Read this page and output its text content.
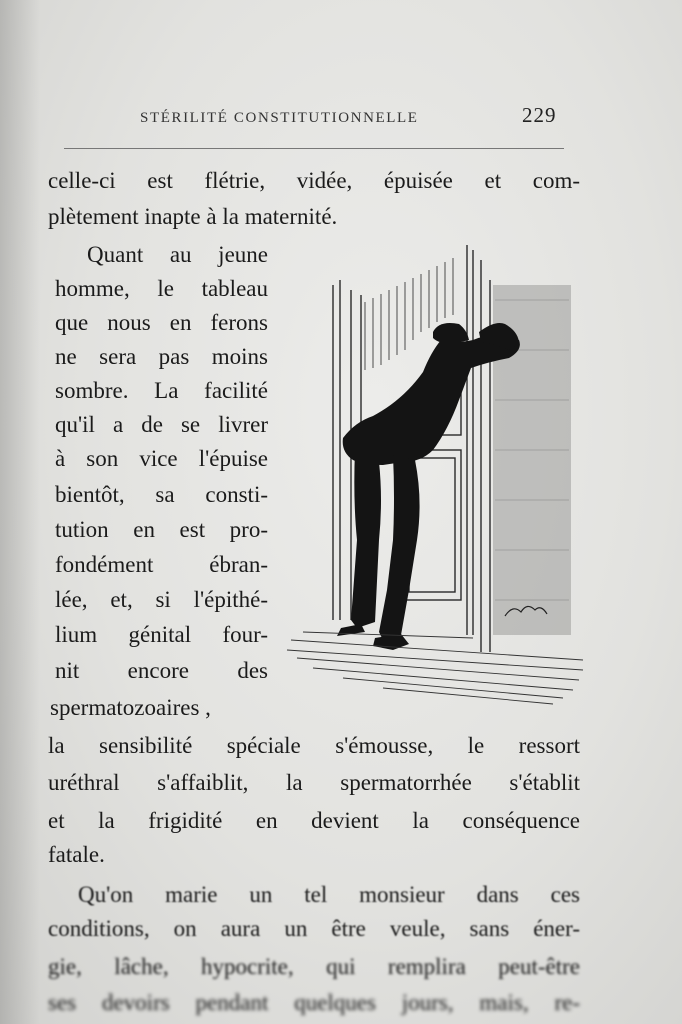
STÉRILITÉ CONSTITUTIONNELLE	229
celle-ci est flétrie, vidée, épuisée et com-
plètement inapte à la maternité.
Quant au jeune
homme, le tableau
que nous en ferons
ne sera pas moins
sombre. La facilité
qu'il a de se livrer
à son vice l'épuise
bientôt, sa consti-
tution en est pro-
fondément ébran-
lée, et, si l'épithé-
lium génital four-
nit encore des
spermatozoaires ,
la sensibilité spéciale s'émousse, le ressort
uréthral s'affaiblit, la spermatorrhée s'établit
et la frigidité en devient la conséquence
fatale.
Qu'on marie un tel monsieur dans ces
conditions, on aura un être veule, sans éner-
gie, lâche, hypocrite, qui remplira peut-être
ses devoirs pendant quelques jours, mais, re-
